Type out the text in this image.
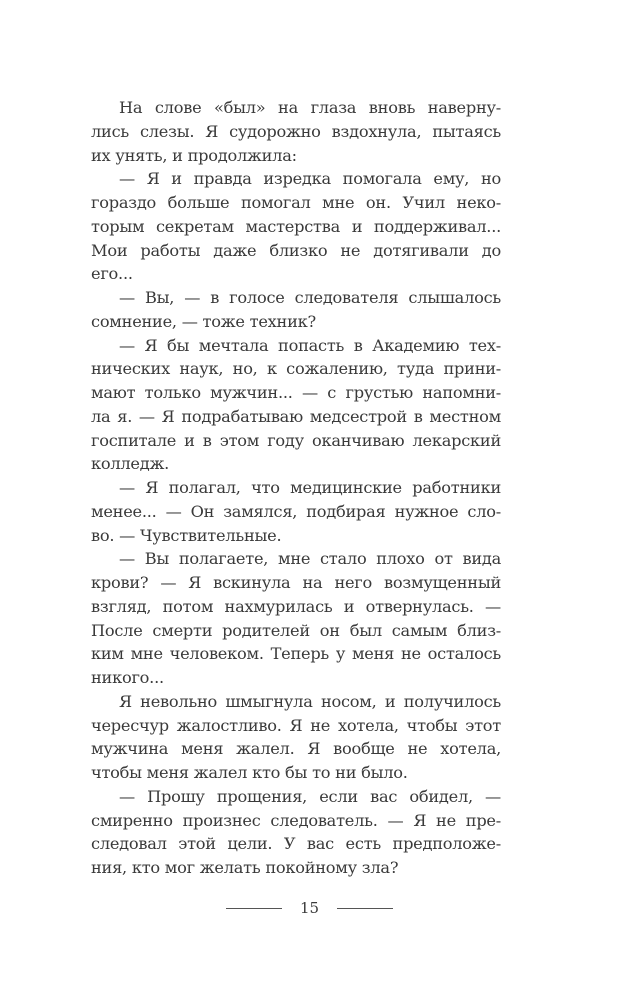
На слове «был» на глаза вновь наверну-
лись слезы. Я судорожно вздохнула, пытаясь
их унять, и продолжила:
— Я и правда изредка помогала ему, но
гораздо больше помогал мне он. Учил неко-
торым секретам мастерства и поддерживал...
Мои работы даже близко не дотягивали до
его...
— Вы, — в голосе следователя слышалось
сомнение, — тоже техник?
— Я бы мечтала попасть в Академию тех-
нических наук, но, к сожалению, туда прини-
мают только мужчин... — с грустью напомни-
ла я. — Я подрабатываю медсестрой в местном
госпитале и в этом году оканчиваю лекарский
колледж.
— Я полагал, что медицинские работники
менее... — Он замялся, подбирая нужное сло-
во. — Чувствительные.
— Вы полагаете, мне стало плохо от вида
крови? — Я вскинула на него возмущенный
взгляд, потом нахмурилась и отвернулась. —
После смерти родителей он был самым близ-
ким мне человеком. Теперь у меня не осталось
никого...
Я невольно шмыгнула носом, и получилось
чересчур жалостливо. Я не хотела, чтобы этот
мужчина меня жалел. Я вообще не хотела,
чтобы меня жалел кто бы то ни было.
— Прошу прощения, если вас обидел, —
смиренно произнес следователь. — Я не пре-
следовал этой цели. У вас есть предположе-
ния, кто мог желать покойному зла?
15
